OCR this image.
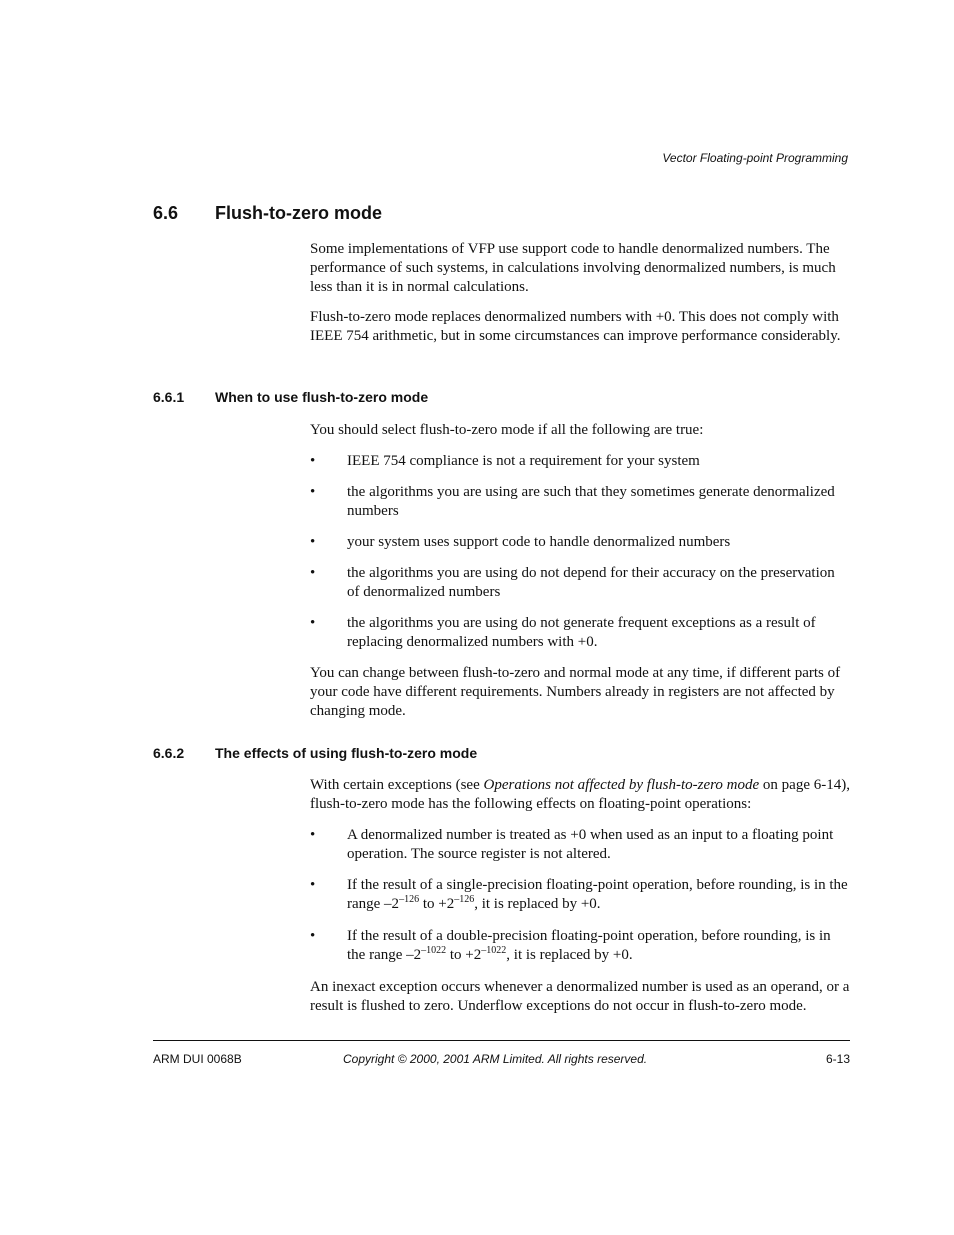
Vector Floating-point Programming
6.6	Flush-to-zero mode

Some implementations of VFP use support code to handle denormalized numbers. The performance of such systems, in calculations involving denormalized numbers, is much less than it is in normal calculations.

Flush-to-zero mode replaces denormalized numbers with +0. This does not comply with IEEE 754 arithmetic, but in some circumstances can improve performance considerably.

6.6.1	When to use flush-to-zero mode

You should select flush-to-zero mode if all the following are true:

•	IEEE 754 compliance is not a requirement for your system
•	the algorithms you are using are such that they sometimes generate denormalized numbers
•	your system uses support code to handle denormalized numbers
•	the algorithms you are using do not depend for their accuracy on the preservation of denormalized numbers
•	the algorithms you are using do not generate frequent exceptions as a result of replacing denormalized numbers with +0.

You can change between flush-to-zero and normal mode at any time, if different parts of your code have different requirements. Numbers already in registers are not affected by changing mode.

6.6.2	The effects of using flush-to-zero mode

With certain exceptions (see Operations not affected by flush-to-zero mode on page 6-14), flush-to-zero mode has the following effects on floating-point operations:

•	A denormalized number is treated as +0 when used as an input to a floating point operation. The source register is not altered.
•	If the result of a single-precision floating-point operation, before rounding, is in the range $-2^{-126}$ to $+2^{-126}$, it is replaced by +0.
•	If the result of a double-precision floating-point operation, before rounding, is in the range $-2^{-1022}$ to $+2^{-1022}$, it is replaced by +0.

An inexact exception occurs whenever a denormalized number is used as an operand, or a result is flushed to zero. Underflow exceptions do not occur in flush-to-zero mode.

ARM DUI 0068B	Copyright © 2000, 2001 ARM Limited. All rights reserved.	6-13
